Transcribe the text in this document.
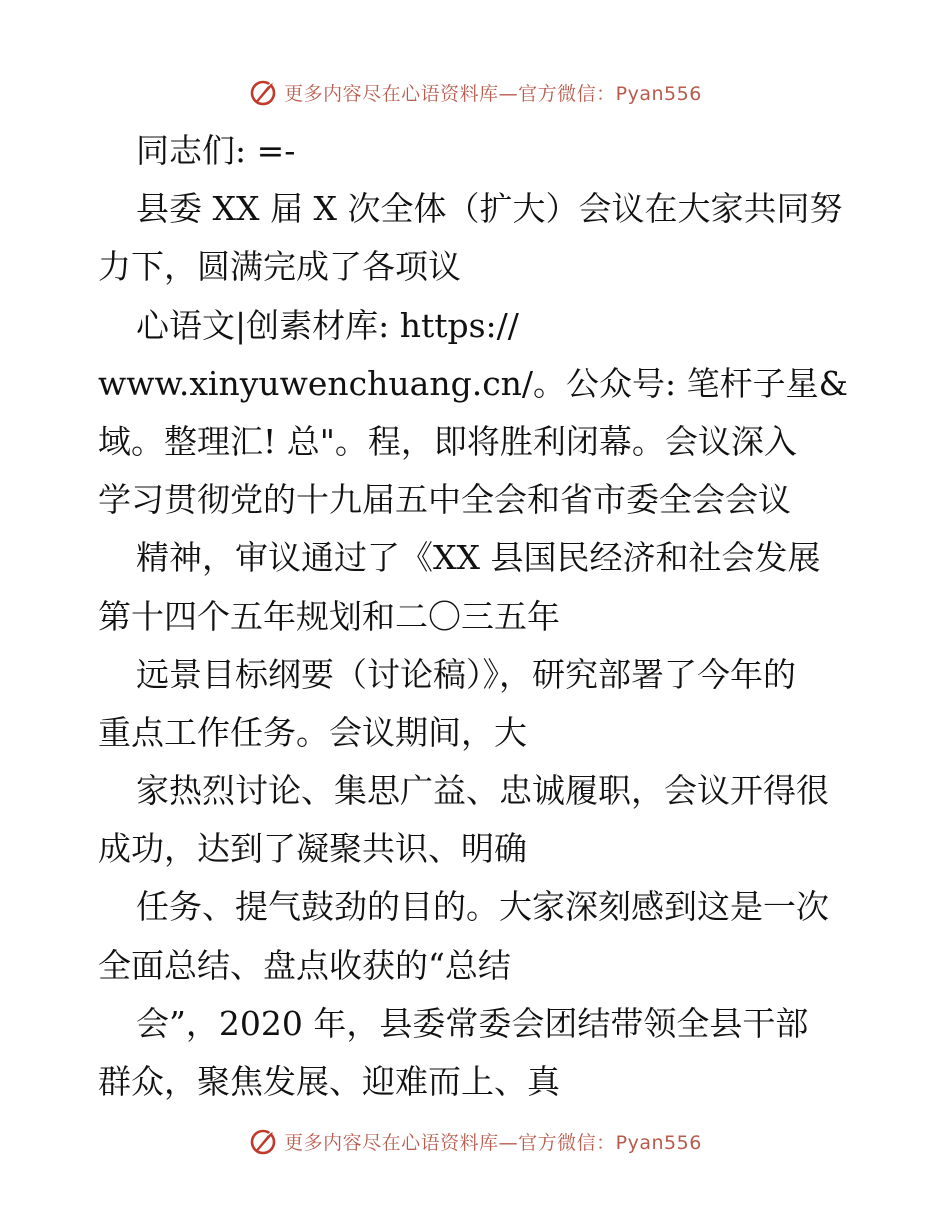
更多内容尽在心语资料库—官方微信：Pyan556
同志们: =-
县委 XX 届 X 次全体（扩大）会议在大家共同努
力下，圆满完成了各项议
心语文|创素材库: https://
www.xinyuwenchuang.cn/。公众号: 笔杆子星&
域。整理汇! 总"。程，即将胜利闭幕。会议深入
学习贯彻党的十九届五中全会和省市委全会会议
精神，审议通过了《XX 县国民经济和社会发展
第十四个五年规划和二〇三五年
远景目标纲要（讨论稿）》，研究部署了今年的
重点工作任务。会议期间，大
家热烈讨论、集思广益、忠诚履职，会议开得很
成功，达到了凝聚共识、明确
任务、提气鼓劲的目的。大家深刻感到这是一次
全面总结、盘点收获的“总结
会”，2020 年，县委常委会团结带领全县干部
群众，聚焦发展、迎难而上、真
更多内容尽在心语资料库—官方微信：Pyan556
